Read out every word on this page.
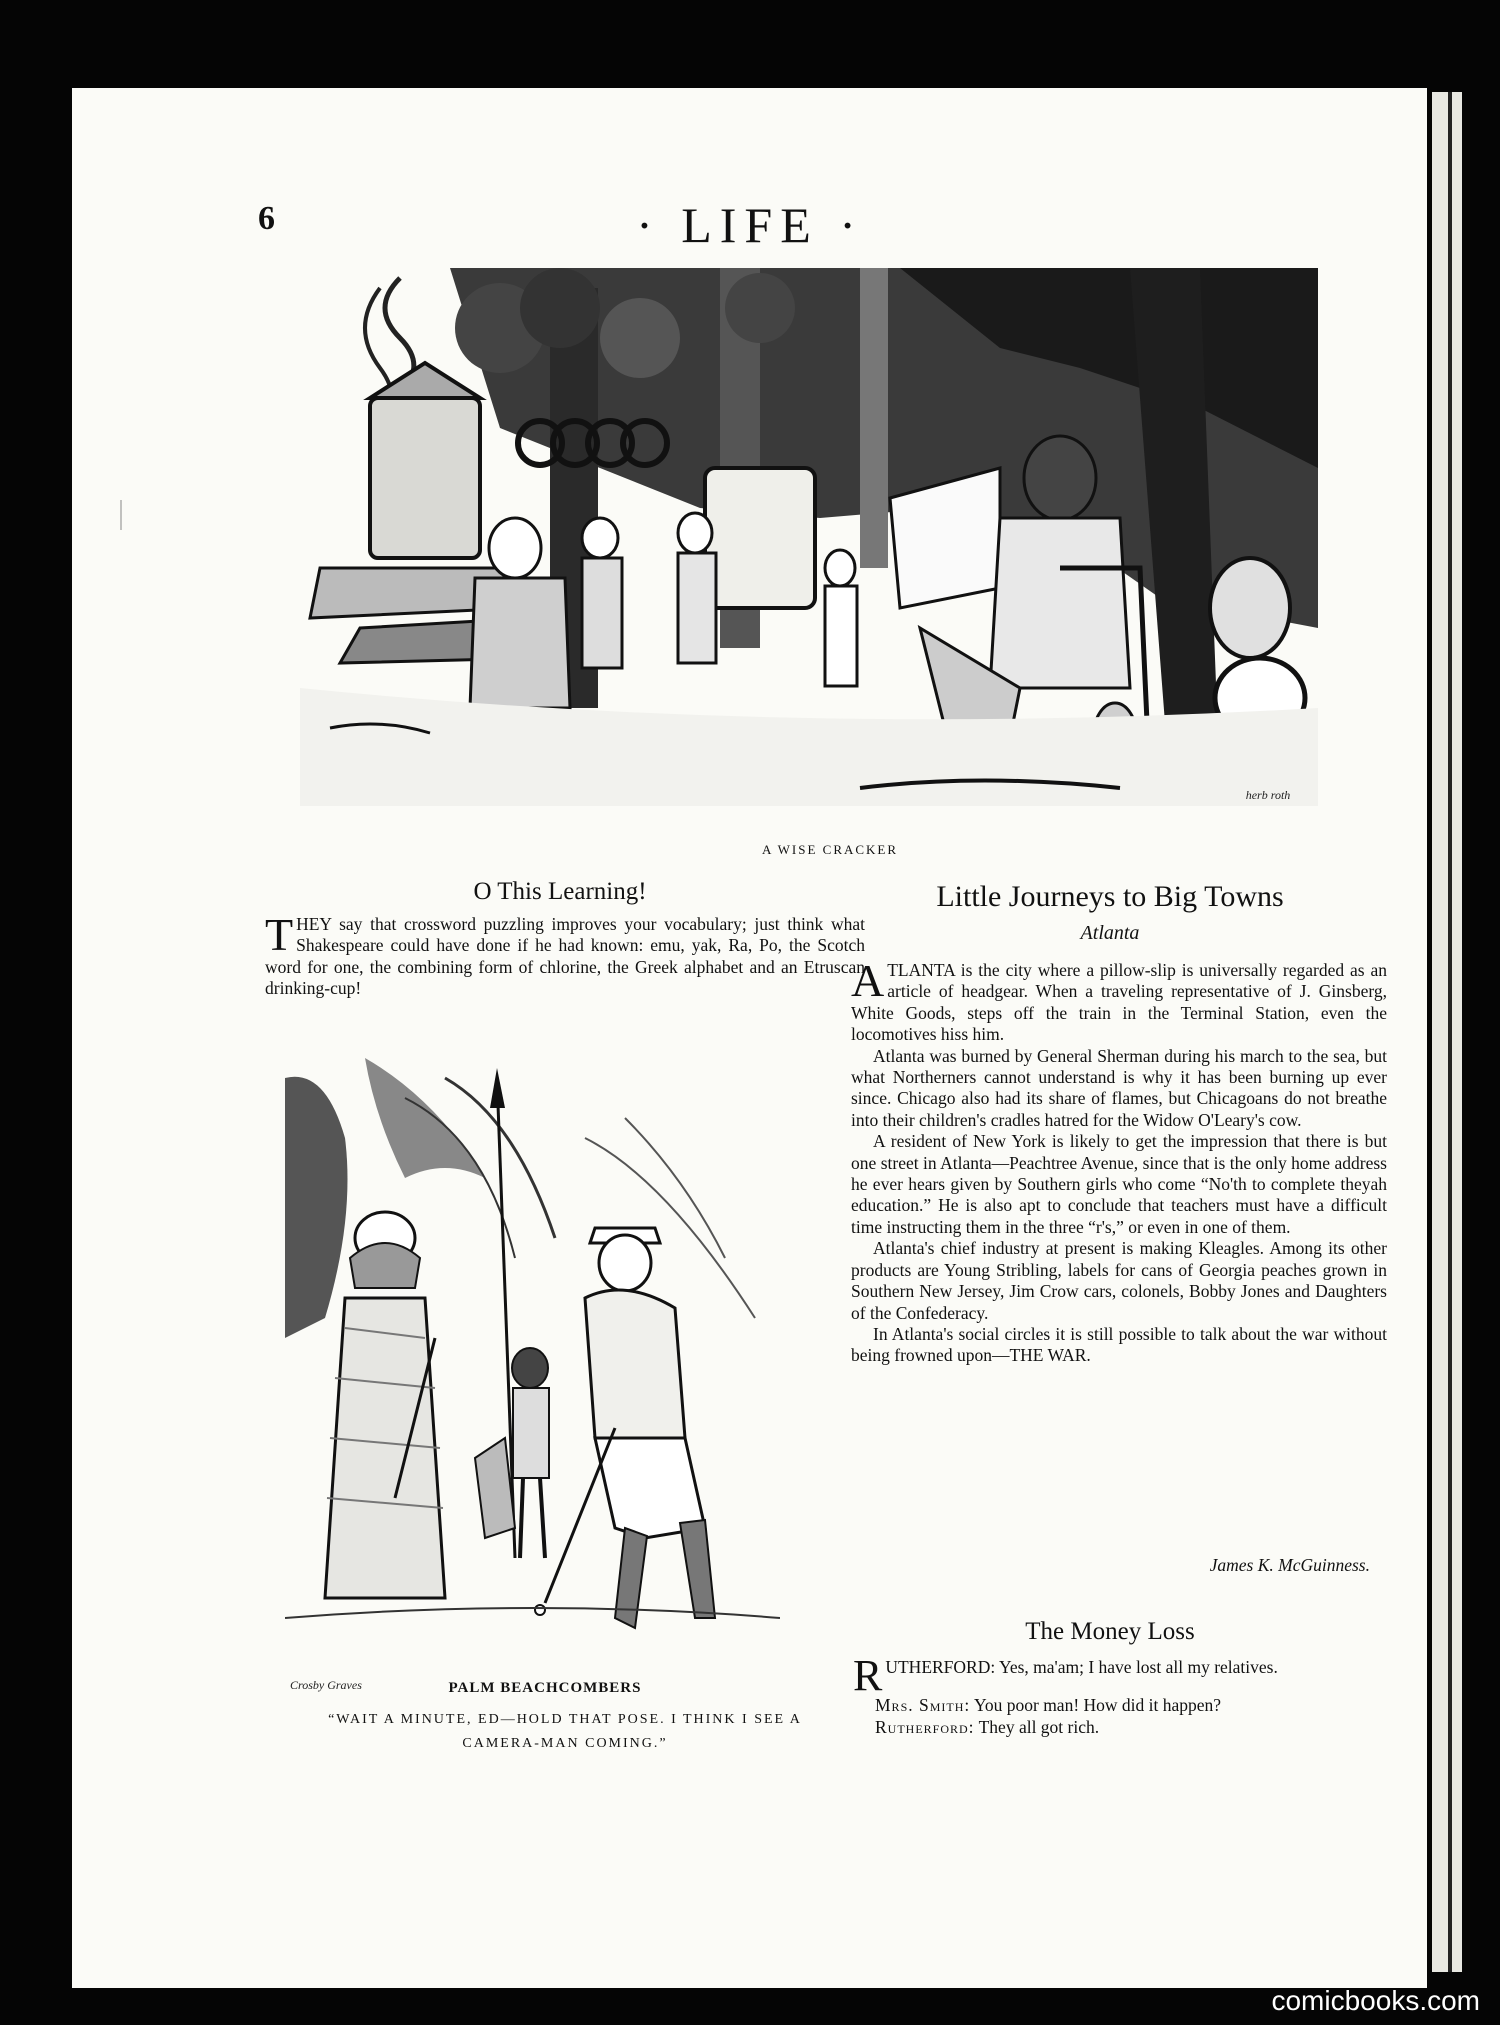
6	· LIFE ·
herb roth
A WISE CRACKER
O This Learning!

THEY say that crossword puzzling improves your vocabulary; just think what Shakespeare could have done if he had known: emu, yak, Ra, Po, the Scotch word for one, the combining form of chlorine, the Greek alphabet and an Etruscan drinking-cup!

Crosby Graves	PALM BEACHCOMBERS
“WAIT A MINUTE, ED—HOLD THAT POSE. I THINK I SEE A CAMERA-MAN COMING.”
Little Journeys to Big Towns
Atlanta

ATLANTA is the city where a pillow-slip is universally regarded as an article of headgear. When a traveling representative of J. Ginsberg, White Goods, steps off the train in the Terminal Station, even the locomotives hiss him.

Atlanta was burned by General Sherman during his march to the sea, but what Northerners cannot understand is why it has been burning up ever since. Chicago also had its share of flames, but Chicagoans do not breathe into their children's cradles hatred for the Widow O'Leary's cow.

A resident of New York is likely to get the impression that there is but one street in Atlanta—Peachtree Avenue, since that is the only home address he ever hears given by Southern girls who come “No'th to complete theyah education.” He is also apt to conclude that teachers must have a difficult time instructing them in the three “r's,” or even in one of them.

Atlanta's chief industry at present is making Kleagles. Among its other products are Young Stribling, labels for cans of Georgia peaches grown in Southern New Jersey, Jim Crow cars, colonels, Bobby Jones and Daughters of the Confederacy.

In Atlanta's social circles it is still possible to talk about the war without being frowned upon—THE WAR.

James K. McGuinness.
The Money Loss
RUTHERFORD: Yes, ma'am; I have lost all my relatives.
Mrs. Smith: You poor man! How did it happen?
Rutherford: They all got rich.
comicbooks.com
